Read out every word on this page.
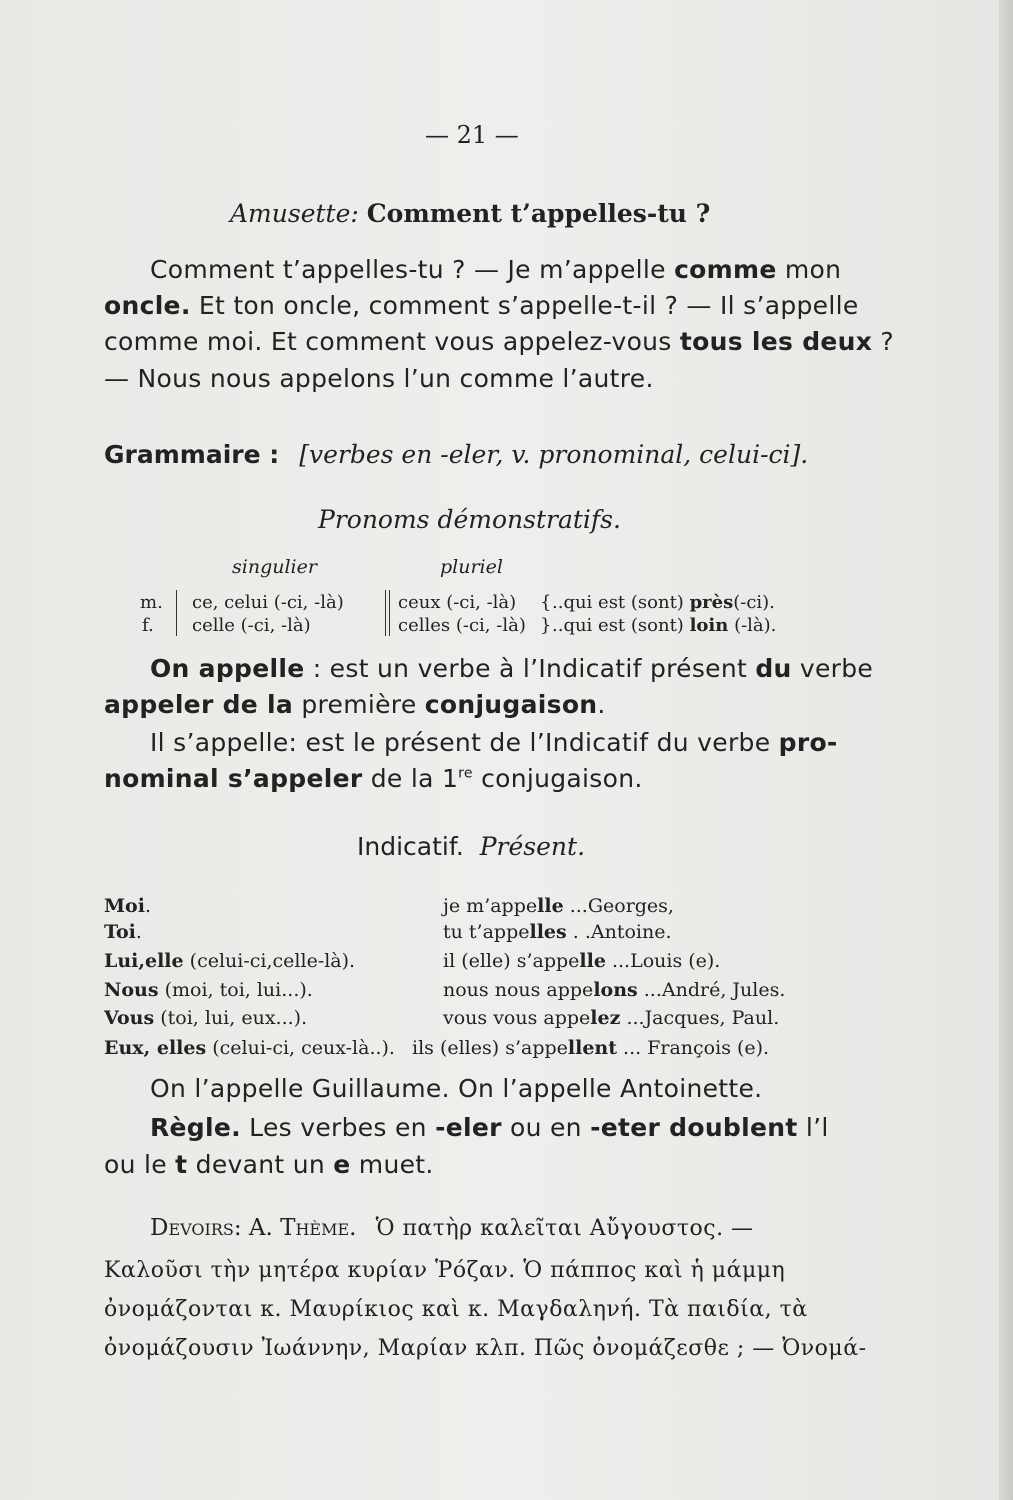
— 21 —
Amusette: Comment t’appelles-tu ?
Comment t’appelles-tu ? — Je m’appelle comme mon
oncle. Et ton oncle, comment s’appelle-t-il ? — Il s’appelle
comme moi. Et comment vous appelez-vous tous les deux ?
— Nous nous appelons l’un comme l’autre.
Grammaire : [verbes en -eler, v. pronominal, celui-ci].
Pronoms démonstratifs.
singulier	pluriel
m. ce, celui (-ci, -là)	ceux (-ci, -là) { ..qui est (sont) près(-ci).
f. celle (-ci, -là)	celles (-ci, -là) } ..qui est (sont) loin (-là).
On appelle : est un verbe à l’Indicatif présent du verbe
appeler de la première conjugaison.
Il s’appelle: est le présent de l’Indicatif du verbe pro-
nominal s’appeler de la 1re conjugaison.
Indicatif. Présent.
Moi.	je m’appelle ...Georges,
Toi.	tu t’appelles . .Antoine.
Lui,elle (celui-ci,celle-là).	il (elle) s’appelle ...Louis (e).
Nous (moi, toi, lui...).	nous nous appelons ...André, Jules.
Vous (toi, lui, eux...).	vous vous appelez ...Jacques, Paul.
Eux, elles (celui-ci, ceux-là..). ils (elles) s’appellent ... François (e).
On l’appelle Guillaume. On l’appelle Antoinette.
Règle. Les verbes en -eler ou en -eter doublent l’l
ou le t devant un e muet.
Devoirs: A. Thème. Ὁ πατὴρ καλεῖται Αὔγουστος. —
Καλοῦσι τὴν μητέρα κυρίαν Ῥόζαν. Ὁ πάππος καὶ ἡ μάμμη
ὀνομάζονται κ. Μαυρίκιος καὶ κ. Μαγδαληνή. Τὰ παιδία, τὰ
ὀνομάζουσιν Ἰωάννην, Μαρίαν κλπ. Πῶς ὀνομάζεσθε ; — Ὀνομά-
